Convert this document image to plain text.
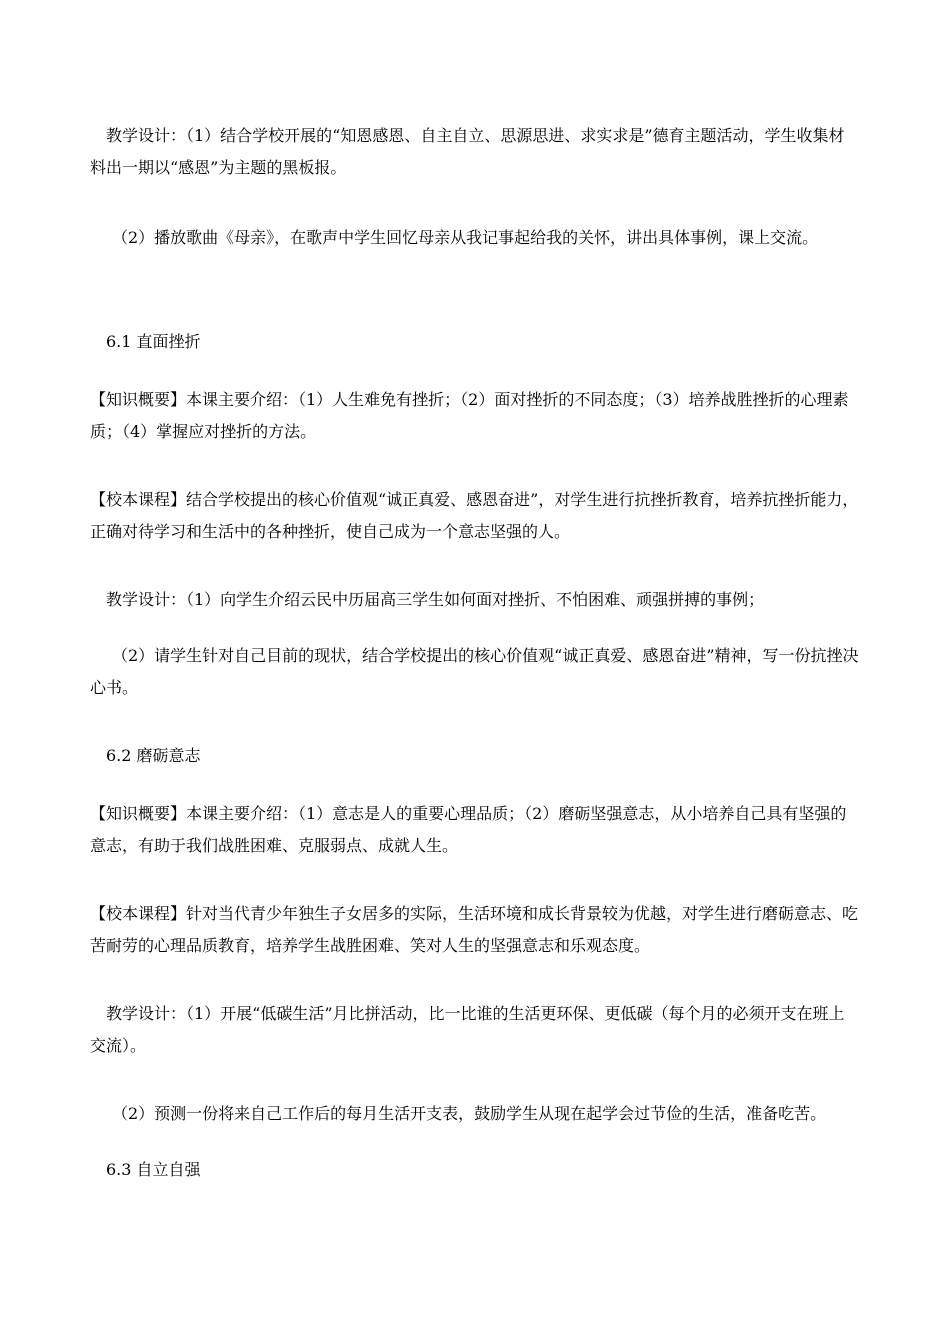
教学设计：（1）结合学校开展的“知恩感恩、自主自立、思源思进、求实求是”德育主题活动，学生收集材料出一期以“感恩”为主题的黑板报。

（2）播放歌曲《母亲》，在歌声中学生回忆母亲从我记事起给我的关怀，讲出具体事例，课上交流。

6.1 直面挫折

【知识概要】本课主要介绍：（1）人生难免有挫折；（2）面对挫折的不同态度；（3）培养战胜挫折的心理素质；（4）掌握应对挫折的方法。

【校本课程】结合学校提出的核心价值观“诚正真爱、感恩奋进”，对学生进行抗挫折教育，培养抗挫折能力，正确对待学习和生活中的各种挫折，使自己成为一个意志坚强的人。

教学设计：（1）向学生介绍云民中历届高三学生如何面对挫折、不怕困难、顽强拼搏的事例；

（2）请学生针对自己目前的现状，结合学校提出的核心价值观“诚正真爱、感恩奋进”精神，写一份抗挫决心书。

6.2 磨砺意志

【知识概要】本课主要介绍：（1）意志是人的重要心理品质；（2）磨砺坚强意志，从小培养自己具有坚强的意志，有助于我们战胜困难、克服弱点、成就人生。

【校本课程】针对当代青少年独生子女居多的实际，生活环境和成长背景较为优越，对学生进行磨砺意志、吃苦耐劳的心理品质教育，培养学生战胜困难、笑对人生的坚强意志和乐观态度。

教学设计：（1）开展“低碳生活”月比拼活动，比一比谁的生活更环保、更低碳（每个月的必须开支在班上交流）。

（2）预测一份将来自己工作后的每月生活开支表，鼓励学生从现在起学会过节俭的生活，准备吃苦。

6.3 自立自强
